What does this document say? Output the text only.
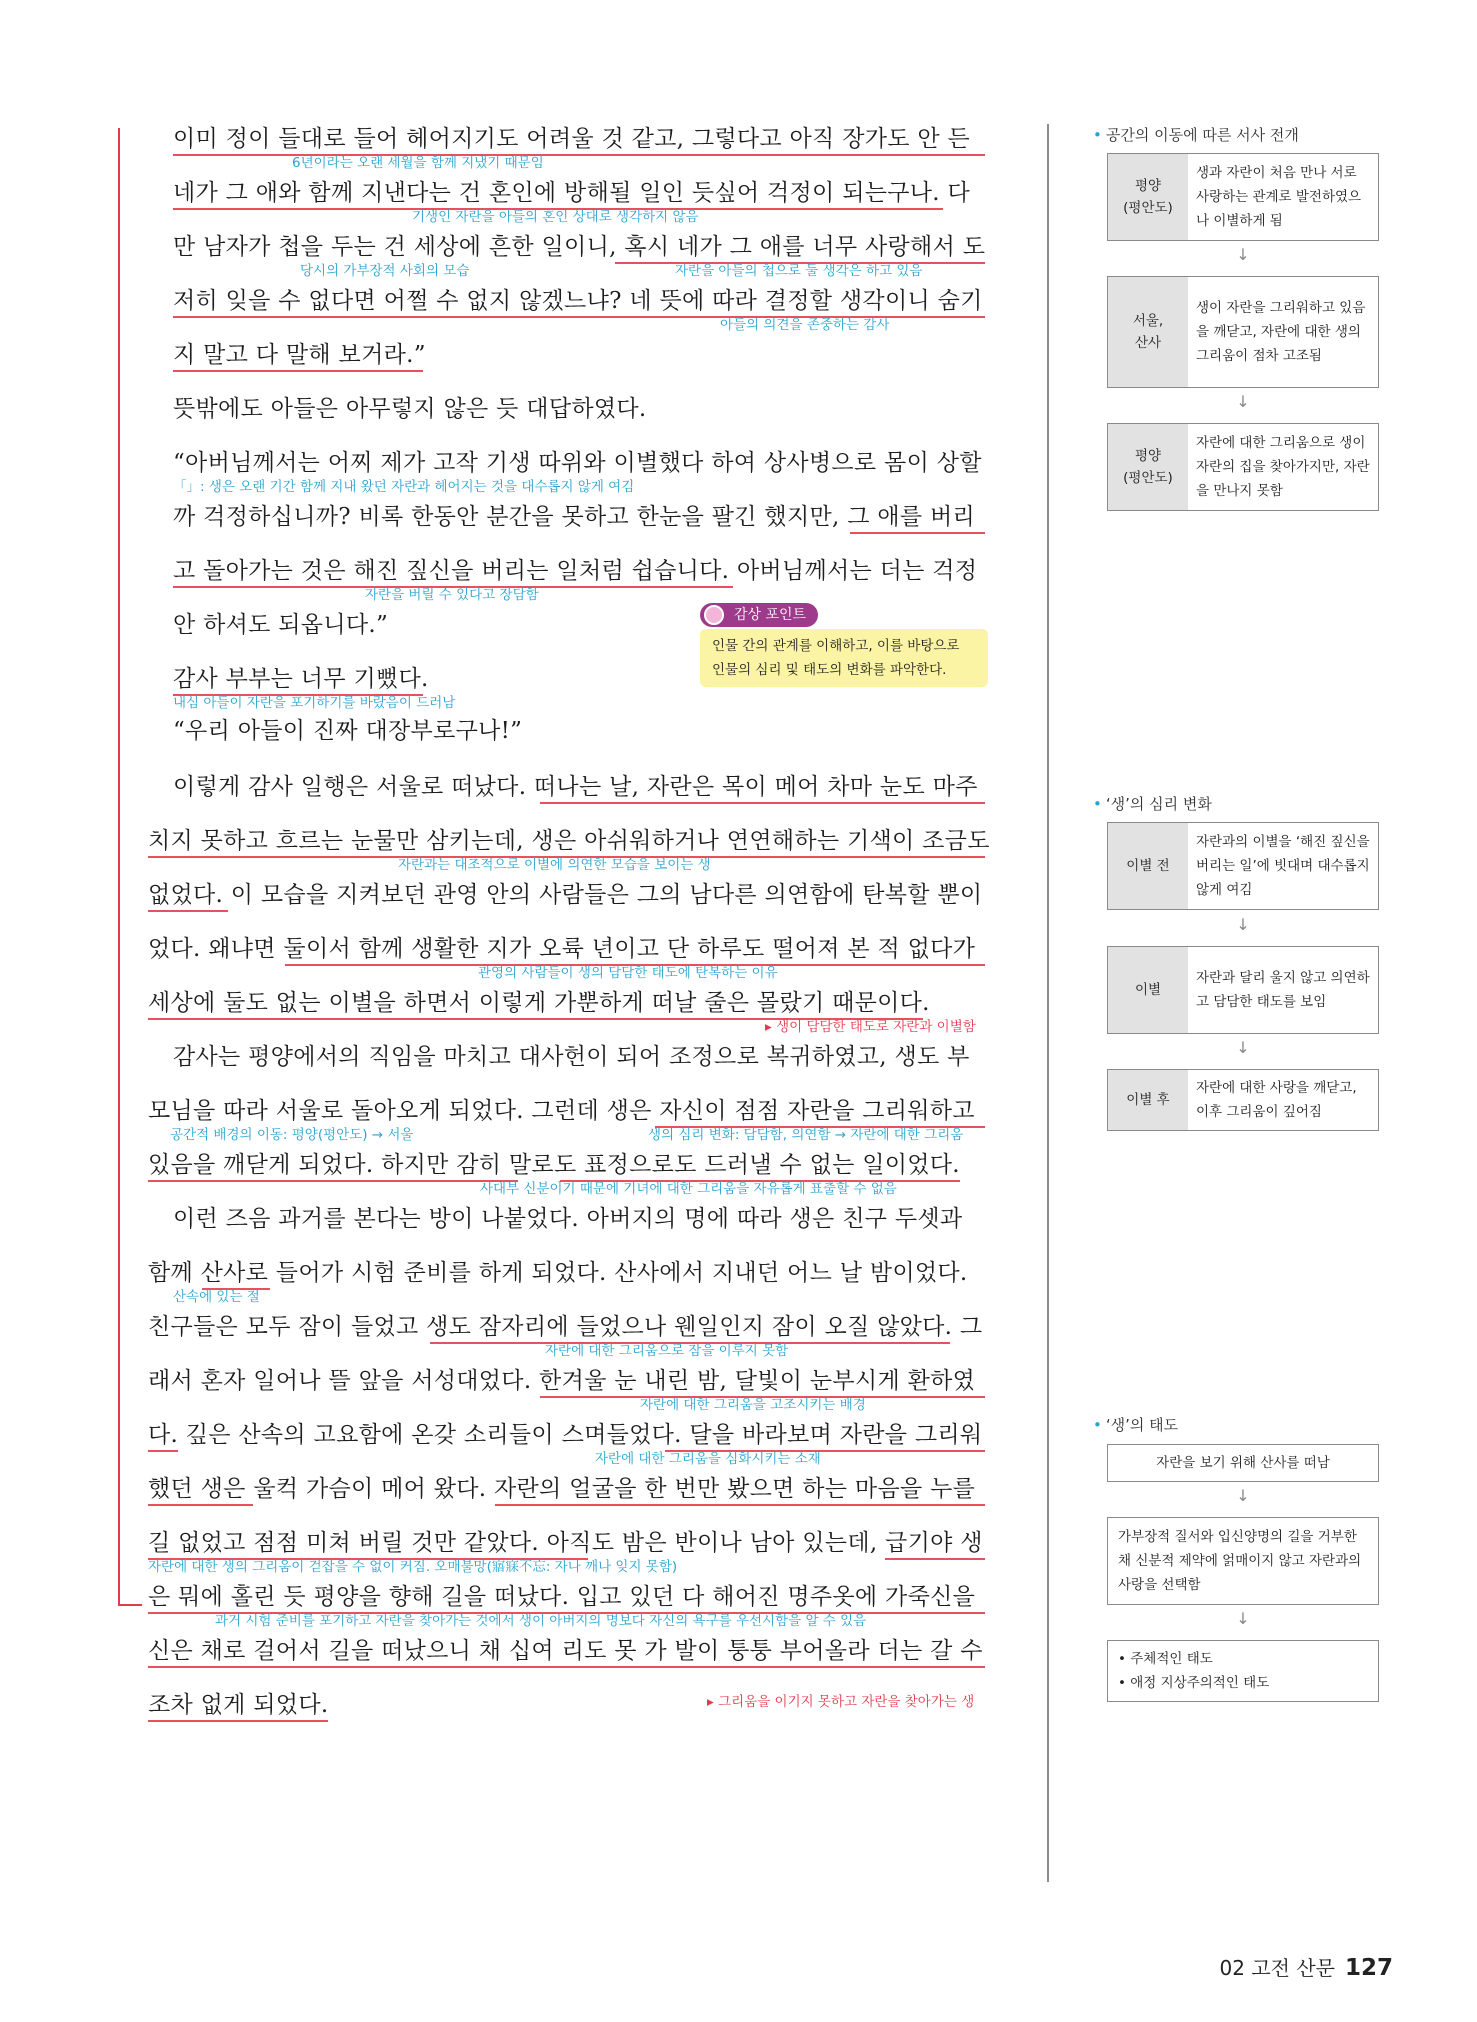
이미 정이 들대로 들어 헤어지기도 어려울 것 같고, 그렇다고 아직 장가도 안 든
네가 그 애와 함께 지낸다는 건 혼인에 방해될 일인 듯싶어 걱정이 되는구나. 다
만 남자가 첩을 두는 건 세상에 흔한 일이니, 혹시 네가 그 애를 너무 사랑해서 도
저히 잊을 수 없다면 어쩔 수 없지 않겠느냐? 네 뜻에 따라 결정할 생각이니 숨기
지 말고 다 말해 보거라.”
뜻밖에도 아들은 아무렇지 않은 듯 대답하였다.
“아버님께서는 어찌 제가 고작 기생 따위와 이별했다 하여 상사병으로 몸이 상할
까 걱정하십니까? 비록 한동안 분간을 못하고 한눈을 팔긴 했지만, 그 애를 버리
고 돌아가는 것은 해진 짚신을 버리는 일처럼 쉽습니다. 아버님께서는 더는 걱정
안 하셔도 되옵니다.”
감사 부부는 너무 기뻤다.
“우리 아들이 진짜 대장부로구나!”
이렇게 감사 일행은 서울로 떠났다. 떠나는 날, 자란은 목이 메어 차마 눈도 마주
치지 못하고 흐르는 눈물만 삼키는데, 생은 아쉬워하거나 연연해하는 기색이 조금도
없었다. 이 모습을 지켜보던 관영 안의 사람들은 그의 남다른 의연함에 탄복할 뿐이
었다. 왜냐면 둘이서 함께 생활한 지가 오륙 년이고 단 하루도 떨어져 본 적 없다가
세상에 둘도 없는 이별을 하면서 이렇게 가뿐하게 떠날 줄은 몰랐기 때문이다.
감사는 평양에서의 직임을 마치고 대사헌이 되어 조정으로 복귀하였고, 생도 부
모님을 따라 서울로 돌아오게 되었다. 그런데 생은 자신이 점점 자란을 그리워하고
있음을 깨닫게 되었다. 하지만 감히 말로도 표정으로도 드러낼 수 없는 일이었다.
이런 즈음 과거를 본다는 방이 나붙었다. 아버지의 명에 따라 생은 친구 두셋과
함께 산사로 들어가 시험 준비를 하게 되었다. 산사에서 지내던 어느 날 밤이었다.
친구들은 모두 잠이 들었고 생도 잠자리에 들었으나 웬일인지 잠이 오질 않았다. 그
래서 혼자 일어나 뜰 앞을 서성대었다. 한겨울 눈 내린 밤, 달빛이 눈부시게 환하였
다. 깊은 산속의 고요함에 온갖 소리들이 스며들었다. 달을 바라보며 자란을 그리워
했던 생은 울컥 가슴이 메어 왔다. 자란의 얼굴을 한 번만 봤으면 하는 마음을 누를
길 없었고 점점 미쳐 버릴 것만 같았다. 아직도 밤은 반이나 남아 있는데, 급기야 생
은 뭐에 홀린 듯 평양을 향해 길을 떠났다. 입고 있던 다 해어진 명주옷에 가죽신을
신은 채로 걸어서 길을 떠났으니 채 십여 리도 못 가 발이 퉁퉁 부어올라 더는 갈 수
조차 없게 되었다.
6년이라는 오랜 세월을 함께 지냈기 때문임
기생인 자란을 아들의 혼인 상대로 생각하지 않음
당시의 가부장적 사회의 모습	자란을 아들의 첩으로 둘 생각은 하고 있음
아들의 의견을 존중하는 감사
「」: 생은 오랜 기간 함께 지내 왔던 자란과 헤어지는 것을 대수롭지 않게 여김
자란을 버릴 수 있다고 장담함
내심 아들이 자란을 포기하기를 바랐음이 드러남
자란과는 대조적으로 이별에 의연한 모습을 보이는 생
관영의 사람들이 생의 담담한 태도에 탄복하는 이유
▸ 생이 담담한 태도로 자란과 이별함
공간적 배경의 이동: 평양(평안도) → 서울	생의 심리 변화: 담담함, 의연함 → 자란에 대한 그리움
사대부 신분이기 때문에 기녀에 대한 그리움을 자유롭게 표출할 수 없음
산속에 있는 절
자란에 대한 그리움으로 잠을 이루지 못함
자란에 대한 그리움을 고조시키는 배경
자란에 대한 그리움을 심화시키는 소재
자란에 대한 생의 그리움이 걷잡을 수 없이 커짐. 오매불망(寤寐不忘: 자나 깨나 잊지 못함)
과거 시험 준비를 포기하고 자란을 찾아가는 것에서 생이 아버지의 명보다 자신의 욕구를 우선시함을 알 수 있음
▸ 그리움을 이기지 못하고 자란을 찾아가는 생
감상 포인트
인물 간의 관계를 이해하고, 이를 바탕으로
인물의 심리 및 태도의 변화를 파악한다.
• 공간의 이동에 따른 서사 전개
평양
(평안도)
생과 자란이 처음 만나 서로 사랑하는 관계로 발전하였으나 이별하게 됨
↓
서울,
산사
생이 자란을 그리워하고 있음을 깨닫고, 자란에 대한 생의 그리움이 점차 고조됨
↓
평양
(평안도)
자란에 대한 그리움으로 생이 자란의 집을 찾아가지만, 자란을 만나지 못함
• ‘생’의 심리 변화
이별 전
자란과의 이별을 ‘해진 짚신을 버리는 일’에 빗대며 대수롭지 않게 여김
↓
이별
자란과 달리 울지 않고 의연하고 담담한 태도를 보임
↓
이별 후
자란에 대한 사랑을 깨닫고, 이후 그리움이 깊어짐
• ‘생’의 태도
자란을 보기 위해 산사를 떠남
↓
가부장적 질서와 입신양명의 길을 거부한 채 신분적 제약에 얽매이지 않고 자란과의 사랑을 선택함
↓
• 주체적인 태도
• 애정 지상주의적인 태도
02 고전 산문 127
